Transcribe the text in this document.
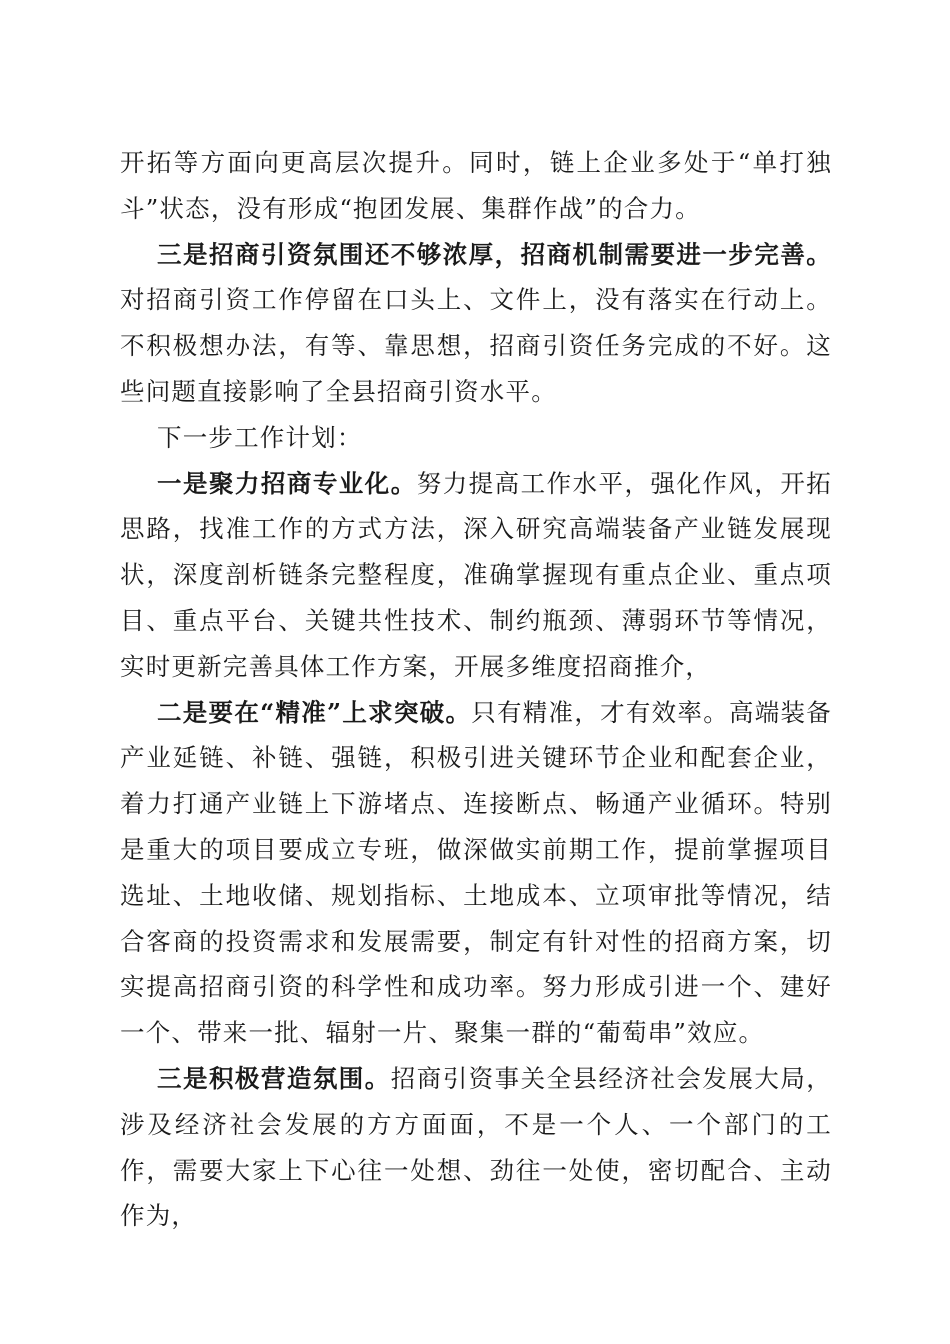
开拓等方面向更高层次提升。同时，链上企业多处于“单打独斗”状态，没有形成“抱团发展、集群作战”的合力。

三是招商引资氛围还不够浓厚，招商机制需要进一步完善。对招商引资工作停留在口头上、文件上，没有落实在行动上。不积极想办法，有等、靠思想，招商引资任务完成的不好。这些问题直接影响了全县招商引资水平。

下一步工作计划：

一是聚力招商专业化。努力提高工作水平，强化作风，开拓思路，找准工作的方式方法，深入研究高端装备产业链发展现状，深度剖析链条完整程度，准确掌握现有重点企业、重点项目、重点平台、关键共性技术、制约瓶颈、薄弱环节等情况，实时更新完善具体工作方案，开展多维度招商推介，

二是要在“精准”上求突破。只有精准，才有效率。高端装备产业延链、补链、强链，积极引进关键环节企业和配套企业，着力打通产业链上下游堵点、连接断点、畅通产业循环。特别是重大的项目要成立专班，做深做实前期工作，提前掌握项目选址、土地收储、规划指标、土地成本、立项审批等情况，结合客商的投资需求和发展需要，制定有针对性的招商方案，切实提高招商引资的科学性和成功率。努力形成引进一个、建好一个、带来一批、辐射一片、聚集一群的“葡萄串”效应。

三是积极营造氛围。招商引资事关全县经济社会发展大局，涉及经济社会发展的方方面面，不是一个人、一个部门的工作，需要大家上下心往一处想、劲往一处使，密切配合、主动作为，
